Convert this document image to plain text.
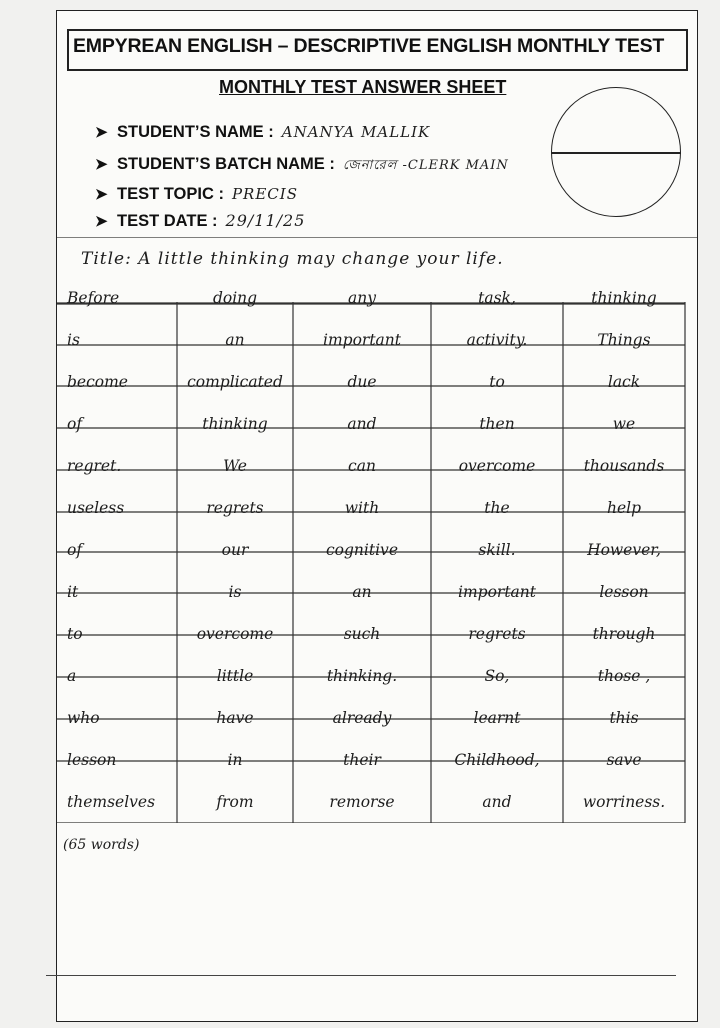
EMPYREAN ENGLISH – DESCRIPTIVE ENGLISH MONTHLY TEST
MONTHLY TEST ANSWER SHEET
➤ STUDENT’S NAME : ANANYA MALLIK
➤ STUDENT’S BATCH NAME : জেনারেল -CLERK MAIN
➤ TEST TOPIC : PRECIS
➤ TEST DATE : 29/11/25
Title: A little thinking may change your life.
Before	doing	any	task,	thinking
is	an	important	activity.	Things
become	complicated	due	to	lack
of	thinking	and	then	we
regret.	We	can	overcome	thousands
useless	regrets	with	the	help
of	our	cognitive	skill.	However,
it	is	an	important	lesson
to	overcome	such	regrets	through
a	little	thinking.	So,	those ,
who	have	already	learnt	this
lesson	in	their	Childhood,	save
themselves	from	remorse	and	worriness.
(65 words)
